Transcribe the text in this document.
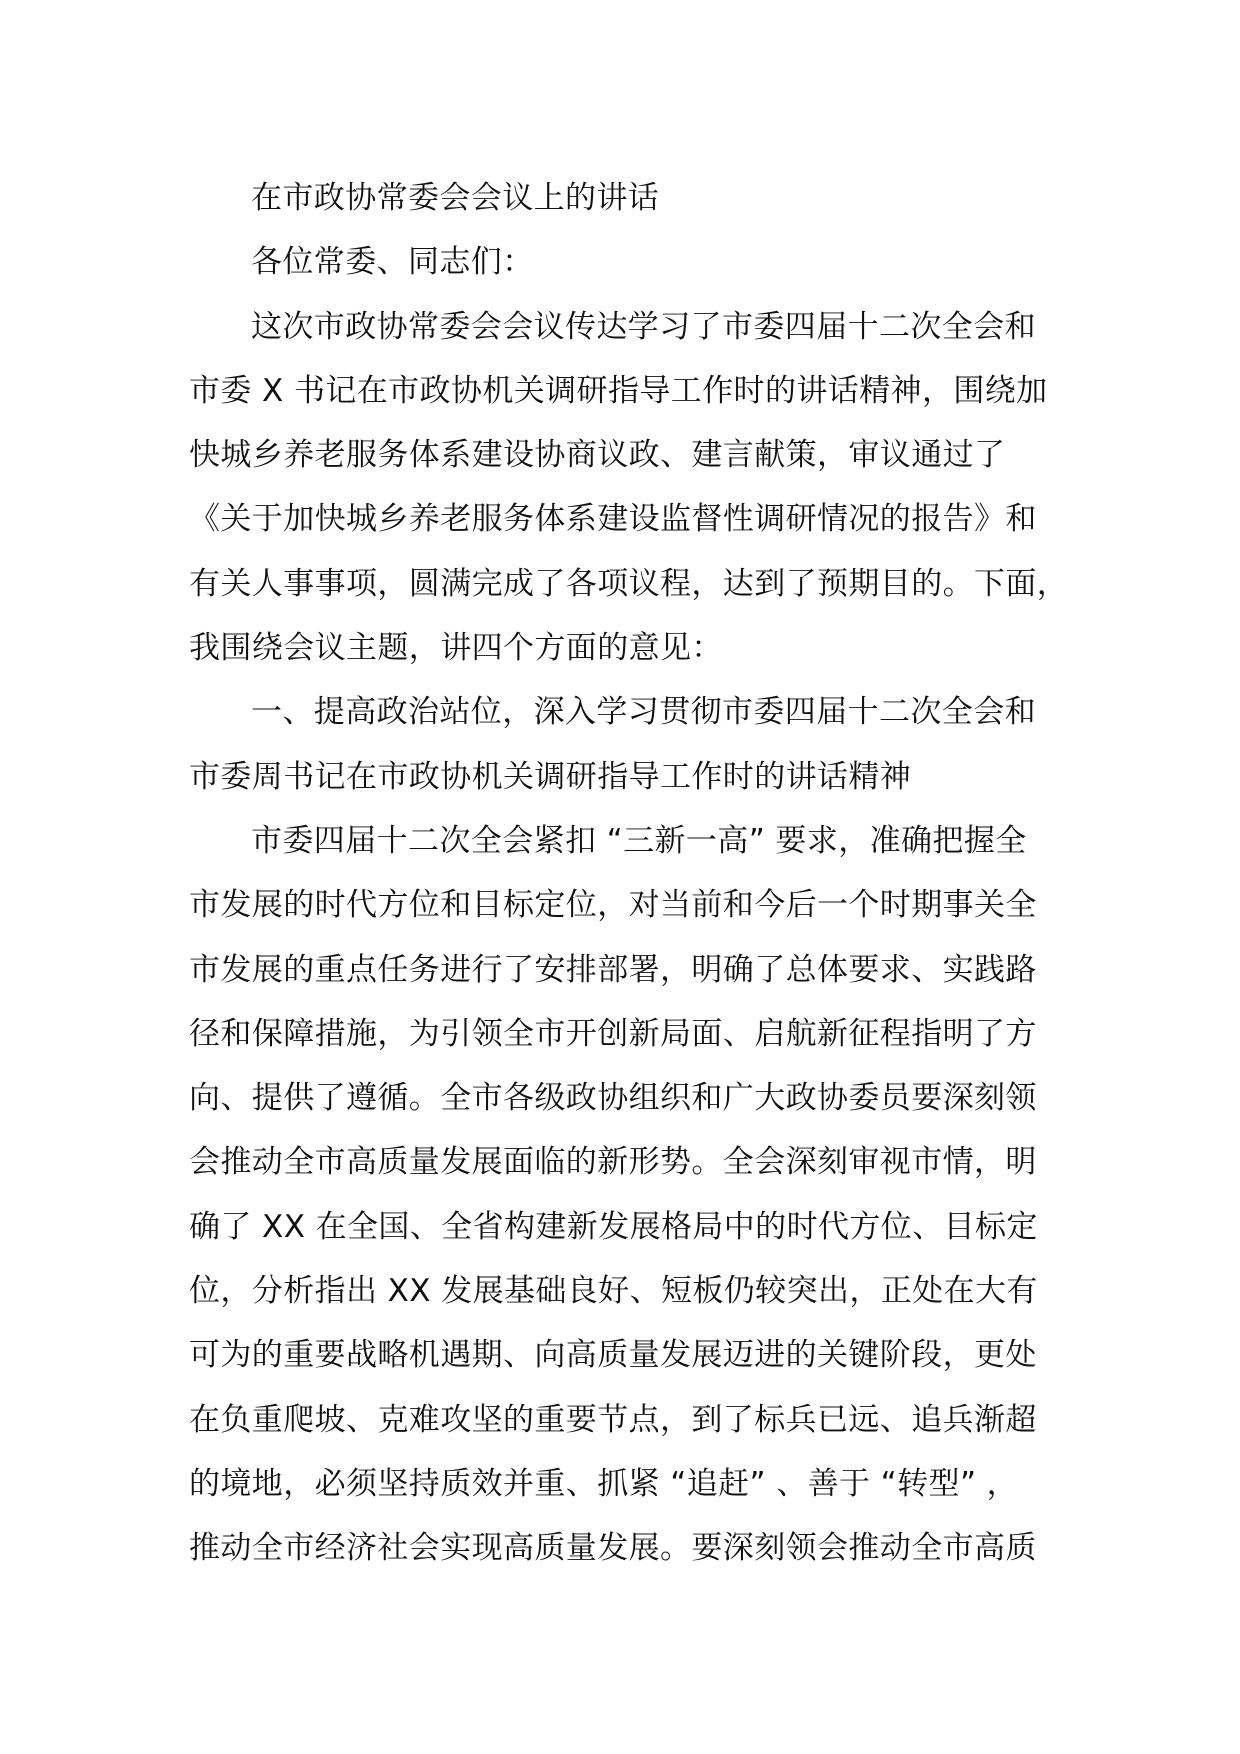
在市政协常委会会议上的讲话
各位常委、同志们：
这次市政协常委会会议传达学习了市委四届十二次全会和
市委 X 书记在市政协机关调研指导工作时的讲话精神，围绕加
快城乡养老服务体系建设协商议政、建言献策，审议通过了
《关于加快城乡养老服务体系建设监督性调研情况的报告》和
有关人事事项，圆满完成了各项议程，达到了预期目的。下面，
我围绕会议主题，讲四个方面的意见：
一、提高政治站位，深入学习贯彻市委四届十二次全会和
市委周书记在市政协机关调研指导工作时的讲话精神
市委四届十二次全会紧扣 “三新一高” 要求，准确把握全
市发展的时代方位和目标定位，对当前和今后一个时期事关全
市发展的重点任务进行了安排部署，明确了总体要求、实践路
径和保障措施，为引领全市开创新局面、启航新征程指明了方
向、提供了遵循。全市各级政协组织和广大政协委员要深刻领
会推动全市高质量发展面临的新形势。全会深刻审视市情，明
确了 XX 在全国、全省构建新发展格局中的时代方位、目标定
位，分析指出 XX 发展基础良好、短板仍较突出，正处在大有
可为的重要战略机遇期、向高质量发展迈进的关键阶段，更处
在负重爬坡、克难攻坚的重要节点，到了标兵已远、追兵渐超
的境地，必须坚持质效并重、抓紧 “追赶” 、善于 “转型” ，
推动全市经济社会实现高质量发展。要深刻领会推动全市高质
